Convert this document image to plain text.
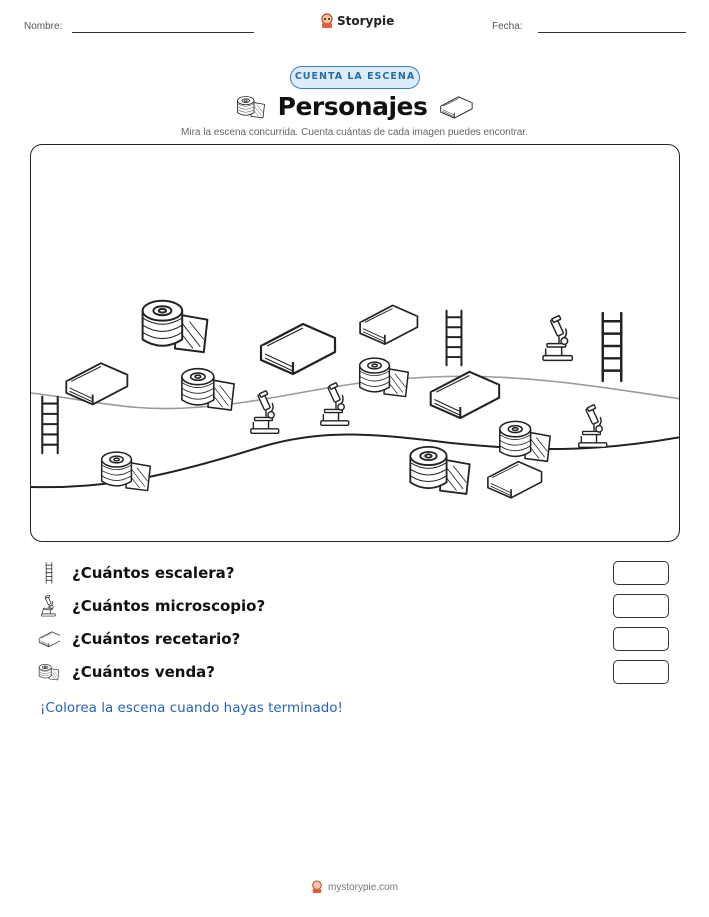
Nombre:	Storypie	Fecha:
CUENTA LA ESCENA
Personajes
Mira la escena concurrida. Cuenta cuántas de cada imagen puedes encontrar.
¿Cuántos escalera?
¿Cuántos microscopio?
¿Cuántos recetario?
¿Cuántos venda?
¡Colorea la escena cuando hayas terminado!
mystorypie.com
